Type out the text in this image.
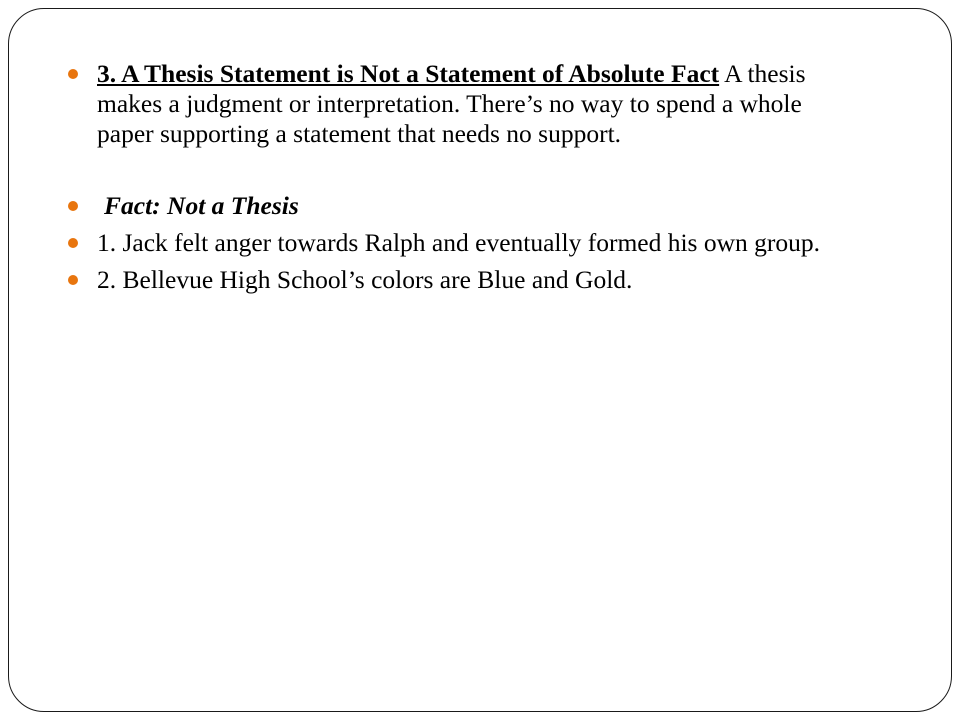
3. A Thesis Statement is Not a Statement of Absolute Fact A thesis makes a judgment or interpretation. There’s no way to spend a whole paper supporting a statement that needs no support.
Fact: Not a Thesis
1. Jack felt anger towards Ralph and eventually formed his own group.
2. Bellevue High School’s colors are Blue and Gold.
